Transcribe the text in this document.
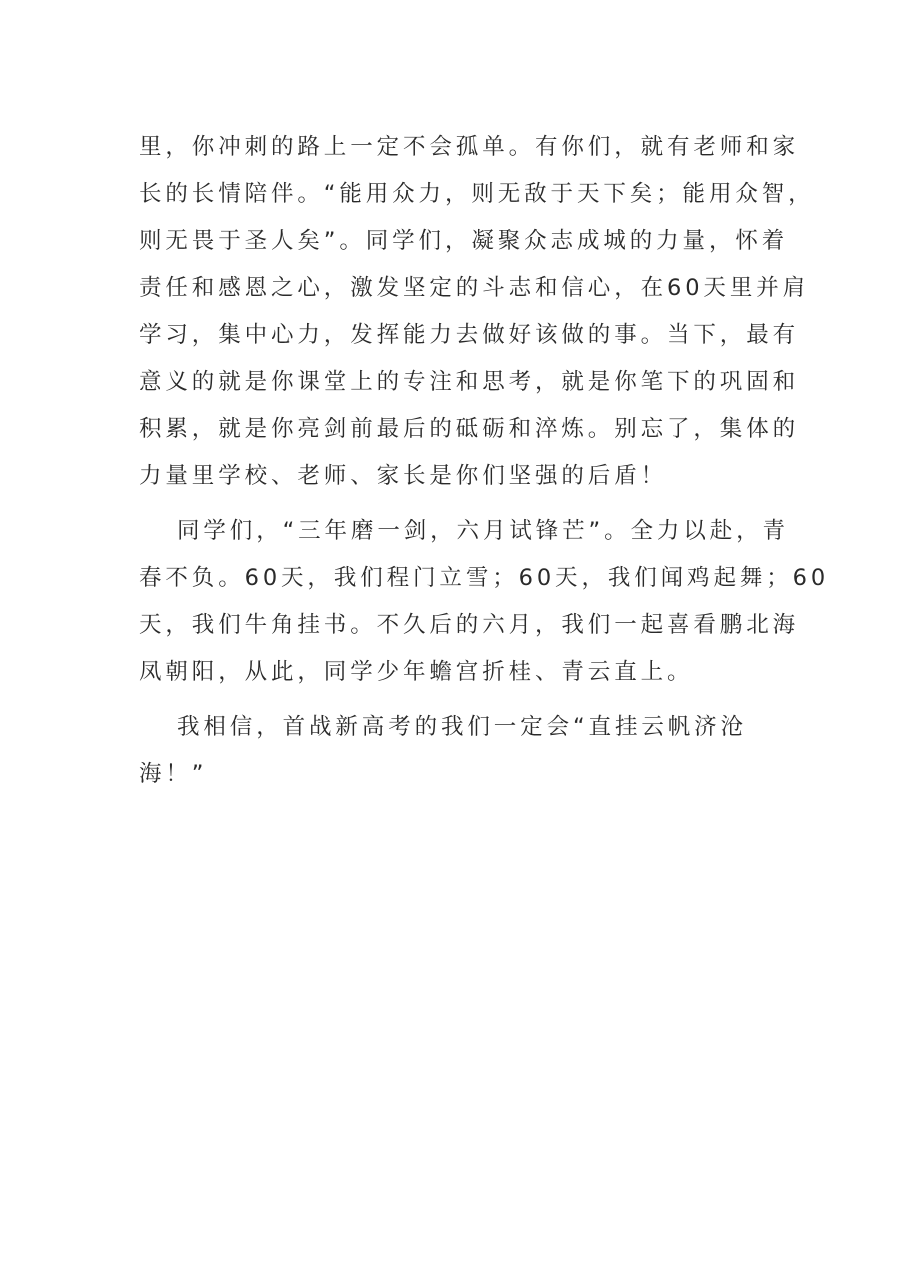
里，你冲刺的路上一定不会孤单。有你们，就有老师和家
长的长情陪伴。“能用众力，则无敌于天下矣；能用众智，
则无畏于圣人矣”。同学们，凝聚众志成城的力量，怀着
责任和感恩之心，激发坚定的斗志和信心，在60天里并肩
学习，集中心力，发挥能力去做好该做的事。当下，最有
意义的就是你课堂上的专注和思考，就是你笔下的巩固和
积累，就是你亮剑前最后的砥砺和淬炼。别忘了，集体的
力量里学校、老师、家长是你们坚强的后盾！

同学们，“三年磨一剑，六月试锋芒”。全力以赴，青
春不负。60天，我们程门立雪；60天，我们闻鸡起舞；60
天，我们牛角挂书。不久后的六月，我们一起喜看鹏北海
凤朝阳，从此，同学少年蟾宫折桂、青云直上。

我相信，首战新高考的我们一定会“直挂云帆济沧
海！”
